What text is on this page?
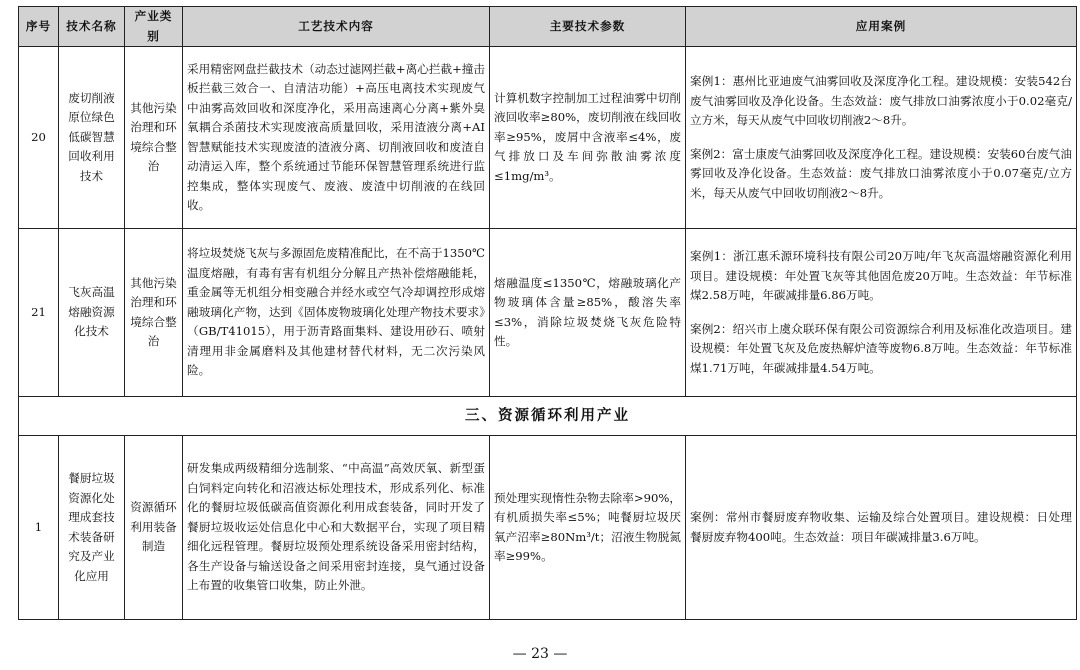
序号	技术名称	产业类别	工艺技术内容	主要技术参数	应用案例
20	废切削液原位绿色低碳智慧回收利用技术	其他污染治理和环境综合整治	采用精密网盘拦截技术（动态过滤网拦截+离心拦截+撞击板拦截三效合一、自清洁功能）+高压电离技术实现废气中油雾高效回收和深度净化，采用高速离心分离+紫外臭氧耦合杀菌技术实现废液高质量回收，采用渣液分离+AI智慧赋能技术实现废渣的渣液分离、切削液回收和废渣自动清运入库，整个系统通过节能环保智慧管理系统进行监控集成，整体实现废气、废液、废渣中切削液的在线回收。	计算机数字控制加工过程油雾中切削液回收率≥80%，废切削液在线回收率≥95%，废屑中含液率≤4%，废气排放口及车间弥散油雾浓度≤1mg/m³。	案例1：惠州比亚迪废气油雾回收及深度净化工程。建设规模：安装542台废气油雾回收及净化设备。生态效益：废气排放口油雾浓度小于0.02毫克/立方米，每天从废气中回收切削液2～8升。

案例2：富士康废气油雾回收及深度净化工程。建设规模：安装60台废气油雾回收及净化设备。生态效益：废气排放口油雾浓度小于0.07毫克/立方米，每天从废气中回收切削液2～8升。

21	飞灰高温熔融资源化技术	其他污染治理和环境综合整治	将垃圾焚烧飞灰与多源固危废精准配比，在不高于1350℃温度熔融，有毒有害有机组分分解且产热补偿熔融能耗，重金属等无机组分相变融合并经水或空气冷却调控形成熔融玻璃化产物，达到《固体废物玻璃化处理产物技术要求》（GB/T41015），用于沥青路面集料、建设用砂石、喷射清理用非金属磨料及其他建材替代材料，无二次污染风险。	熔融温度≤1350℃，熔融玻璃化产物玻璃体含量≥85%，酸溶失率≤3%，消除垃圾焚烧飞灰危险特性。	案例1：浙江惠禾源环境科技有限公司20万吨/年飞灰高温熔融资源化利用项目。建设规模：年处置飞灰等其他固危废20万吨。生态效益：年节标准煤2.58万吨，年碳减排量6.86万吨。

案例2：绍兴市上虞众联环保有限公司资源综合利用及标准化改造项目。建设规模：年处置飞灰及危废热解炉渣等废物6.8万吨。生态效益：年节标准煤1.71万吨，年碳减排量4.54万吨。

三、资源循环利用产业					
1	餐厨垃圾资源化处理成套技术装备研究及产业化应用	资源循环利用装备制造	研发集成两级精细分选制浆、“中高温”高效厌氧、新型蛋白饲料定向转化和沼液达标处理技术，形成系列化、标准化的餐厨垃圾低碳高值资源化利用成套装备，同时开发了餐厨垃圾收运处信息化中心和大数据平台，实现了项目精细化远程管理。餐厨垃圾预处理系统设备采用密封结构，各生产设备与输送设备之间采用密封连接，臭气通过设备上布置的收集管口收集，防止外泄。	预处理实现惰性杂物去除率>90%，有机质损失率≤5%；吨餐厨垃圾厌氧产沼率≥80Nm³/t；沼液生物脱氮率≥99%。	案例：常州市餐厨废弃物收集、运输及综合处置项目。建设规模：日处理餐厨废弃物400吨。生态效益：项目年碳减排量3.6万吨。

— 23 —
